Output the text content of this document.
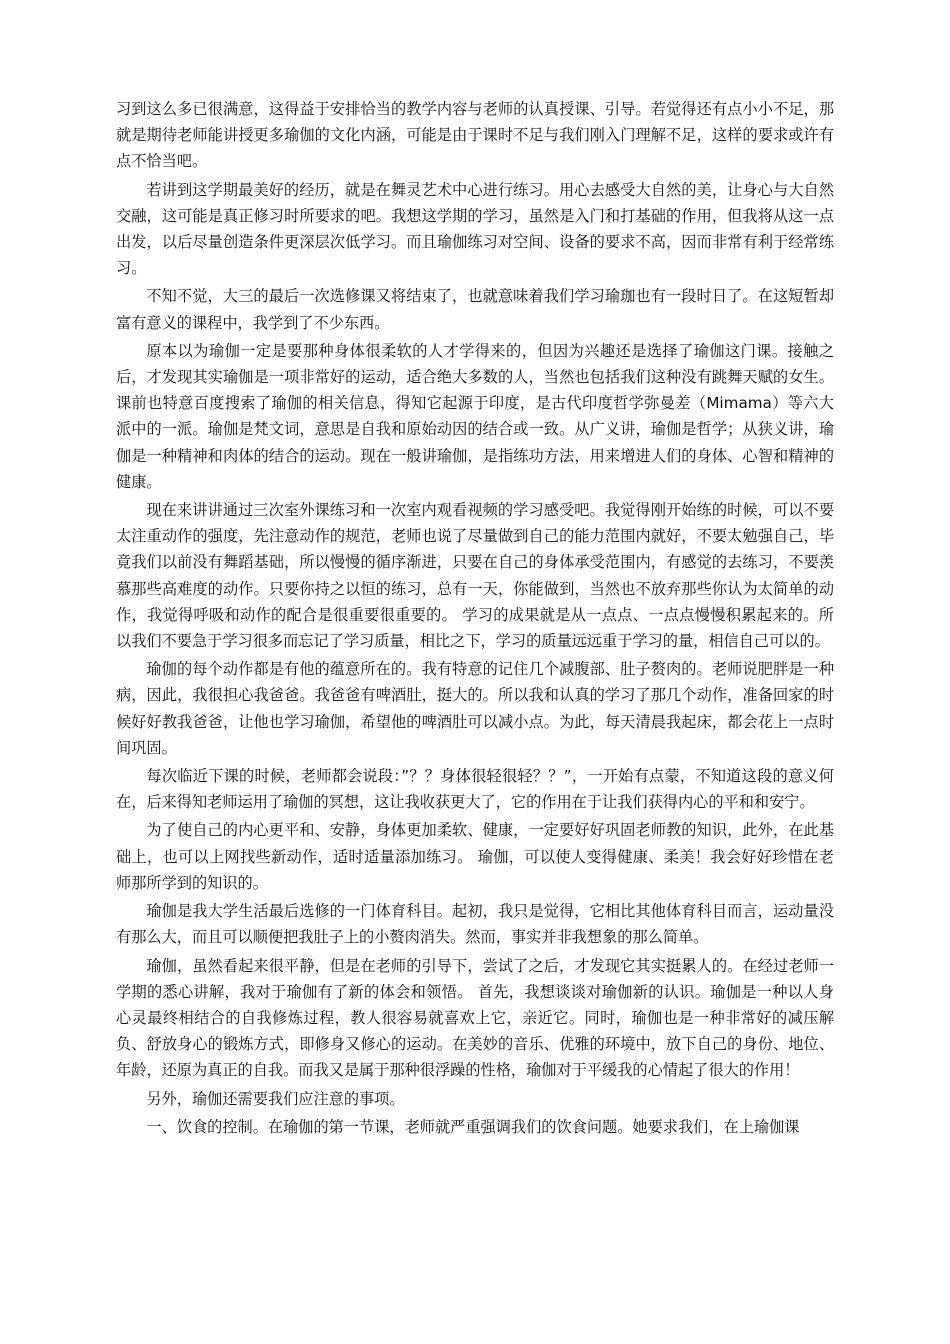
习到这么多已很满意，这得益于安排恰当的教学内容与老师的认真授课、引导。若觉得还有点小小不足，那就是期待老师能讲授更多瑜伽的文化内涵，可能是由于课时不足与我们刚入门理解不足，这样的要求或许有点不恰当吧。

若讲到这学期最美好的经历，就是在舞灵艺术中心进行练习。用心去感受大自然的美，让身心与大自然交融，这可能是真正修习时所要求的吧。我想这学期的学习，虽然是入门和打基础的作用，但我将从这一点出发，以后尽量创造条件更深层次低学习。而且瑜伽练习对空间、设备的要求不高，因而非常有利于经常练习。

不知不觉，大三的最后一次选修课又将结束了，也就意味着我们学习瑜珈也有一段时日了。在这短暂却富有意义的课程中，我学到了不少东西。

原本以为瑜伽一定是要那种身体很柔软的人才学得来的，但因为兴趣还是选择了瑜伽这门课。接触之后，才发现其实瑜伽是一项非常好的运动，适合绝大多数的人，当然也包括我们这种没有跳舞天赋的女生。课前也特意百度搜索了瑜伽的相关信息，得知它起源于印度，是古代印度哲学弥曼差（Mimama）等六大派中的一派。瑜伽是梵文词，意思是自我和原始动因的结合或一致。从广义讲，瑜伽是哲学；从狭义讲，瑜伽是一种精神和肉体的结合的运动。现在一般讲瑜伽，是指练功方法，用来增进人们的身体、心智和精神的健康。

现在来讲讲通过三次室外课练习和一次室内观看视频的学习感受吧。我觉得刚开始练的时候，可以不要太注重动作的强度，先注意动作的规范，老师也说了尽量做到自己的能力范围内就好，不要太勉强自己，毕竟我们以前没有舞蹈基础，所以慢慢的循序渐进，只要在自己的身体承受范围内，有感觉的去练习，不要羡慕那些高难度的动作。只要你持之以恒的练习，总有一天，你能做到，当然也不放弃那些你认为太简单的动作，我觉得呼吸和动作的配合是很重要很重要的。 学习的成果就是从一点点、一点点慢慢积累起来的。所以我们不要急于学习很多而忘记了学习质量，相比之下，学习的质量远远重于学习的量，相信自己可以的。

瑜伽的每个动作都是有他的蕴意所在的。我有特意的记住几个减腹部、肚子赘肉的。老师说肥胖是一种病，因此，我很担心我爸爸。我爸爸有啤酒肚，挺大的。所以我和认真的学习了那几个动作，准备回家的时候好好教我爸爸，让他也学习瑜伽，希望他的啤酒肚可以减小点。为此，每天清晨我起床，都会花上一点时间巩固。

每次临近下课的时候，老师都会说段：”？？身体很轻很轻？？”，一开始有点蒙，不知道这段的意义何在，后来得知老师运用了瑜伽的冥想，这让我收获更大了，它的作用在于让我们获得内心的平和和安宁。

为了使自己的内心更平和、安静，身体更加柔软、健康，一定要好好巩固老师教的知识，此外，在此基础上，也可以上网找些新动作，适时适量添加练习。 瑜伽，可以使人变得健康、柔美！我会好好珍惜在老师那所学到的知识的。

瑜伽是我大学生活最后选修的一门体育科目。起初，我只是觉得，它相比其他体育科目而言，运动量没有那么大，而且可以顺便把我肚子上的小赘肉消失。然而，事实并非我想象的那么简单。

瑜伽，虽然看起来很平静，但是在老师的引导下，尝试了之后，才发现它其实挺累人的。在经过老师一学期的悉心讲解，我对于瑜伽有了新的体会和领悟。 首先，我想谈谈对瑜伽新的认识。瑜伽是一种以人身心灵最终相结合的自我修炼过程，教人很容易就喜欢上它，亲近它。同时，瑜伽也是一种非常好的减压解负、舒放身心的锻炼方式，即修身又修心的运动。在美妙的音乐、优雅的环境中，放下自己的身份、地位、年龄，还原为真正的自我。而我又是属于那种很浮躁的性格，瑜伽对于平缓我的心情起了很大的作用！

另外，瑜伽还需要我们应注意的事项。

一、饮食的控制。在瑜伽的第一节课，老师就严重强调我们的饮食问题。她要求我们，在上瑜伽课
